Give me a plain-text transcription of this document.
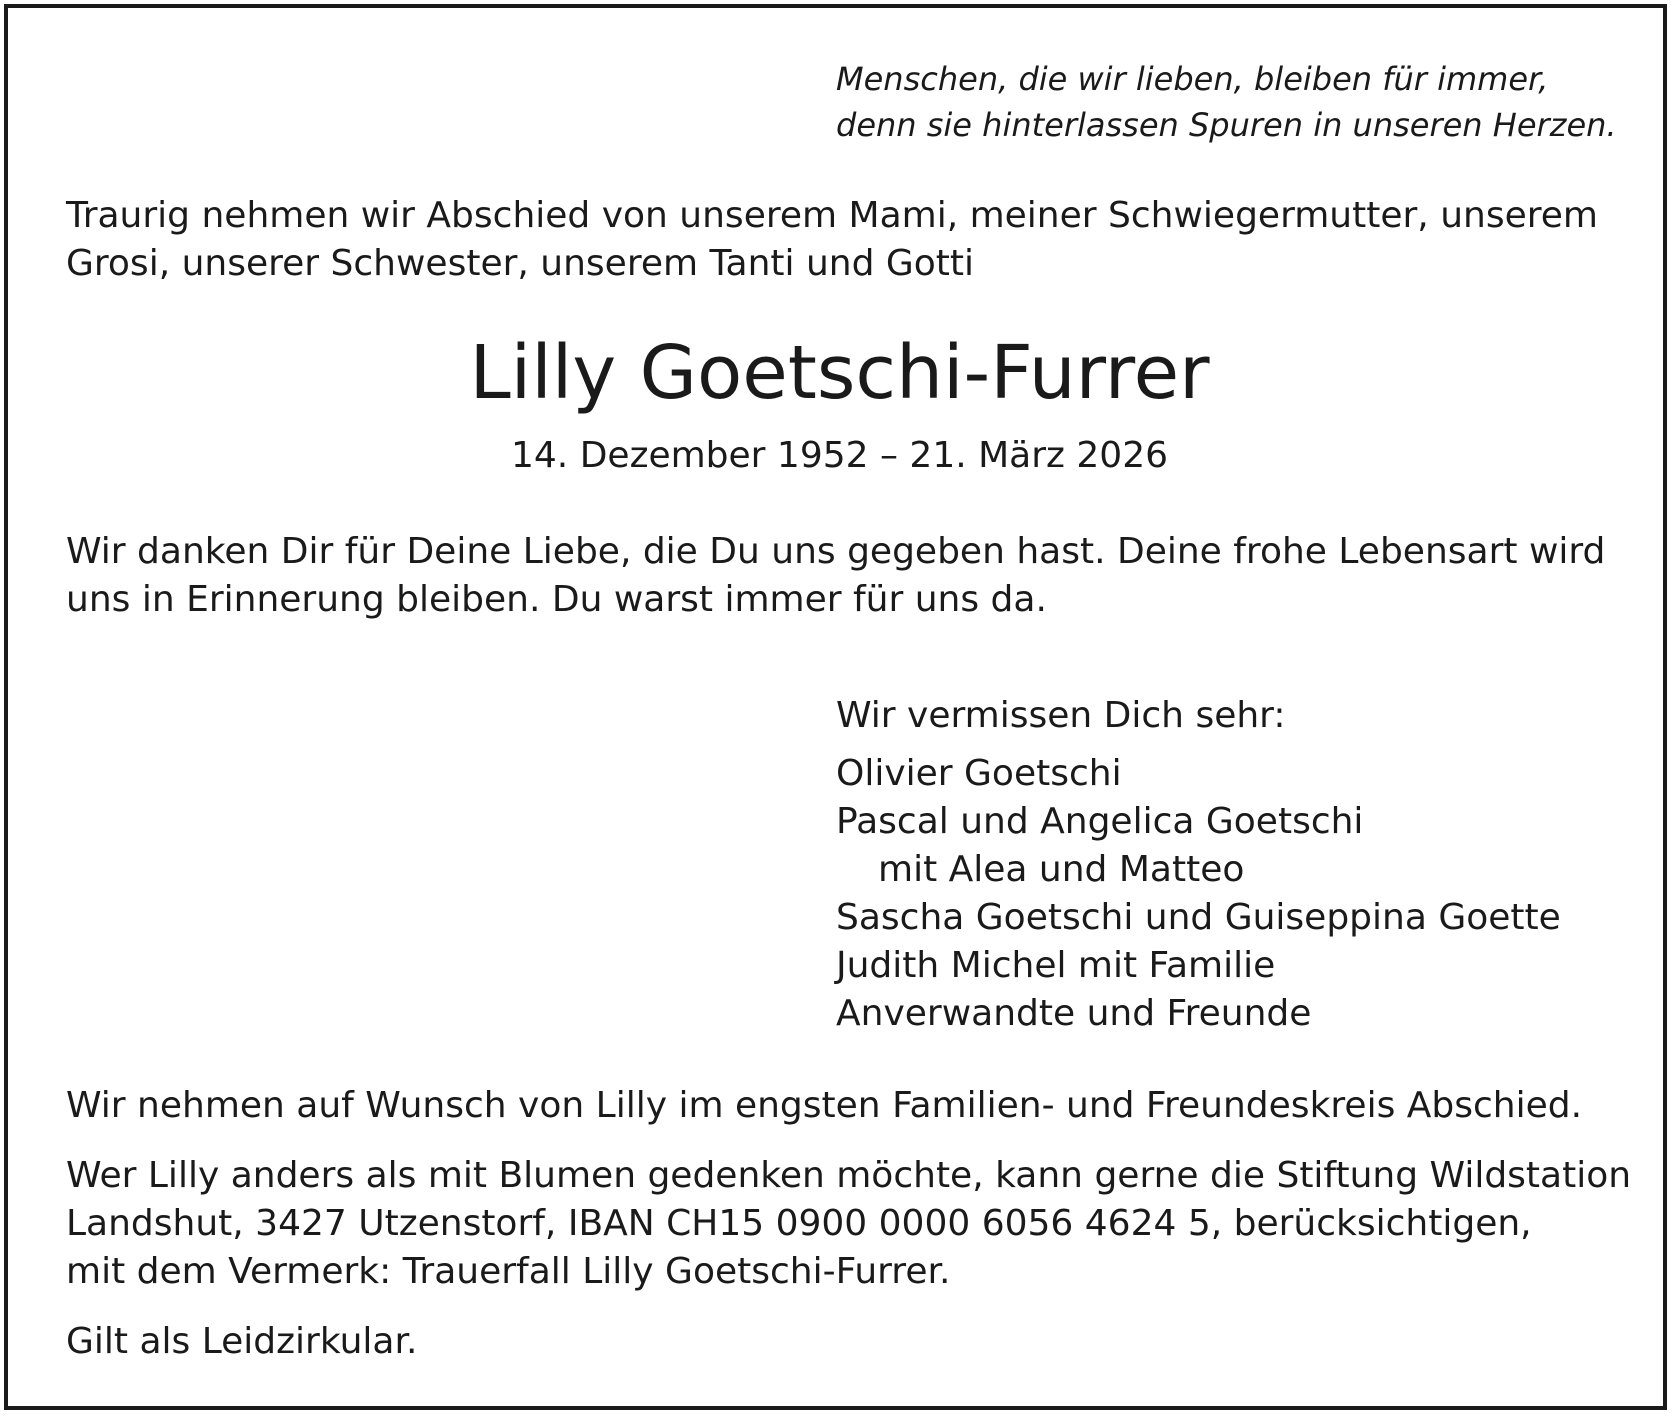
Menschen, die wir lieben, bleiben für immer,
denn sie hinterlassen Spuren in unseren Herzen.
Traurig nehmen wir Abschied von unserem Mami, meiner Schwiegermutter, unserem
Grosi, unserer Schwester, unserem Tanti und Gotti
Lilly Goetschi-Furrer
14. Dezember 1952 – 21. März 2026
Wir danken Dir für Deine Liebe, die Du uns gegeben hast. Deine frohe Lebensart wird
uns in Erinnerung bleiben. Du warst immer für uns da.
Wir vermissen Dich sehr:
Olivier Goetschi
Pascal und Angelica Goetschi
mit Alea und Matteo
Sascha Goetschi und Guiseppina Goette
Judith Michel mit Familie
Anverwandte und Freunde
Wir nehmen auf Wunsch von Lilly im engsten Familien- und Freundeskreis Abschied.
Wer Lilly anders als mit Blumen gedenken möchte, kann gerne die Stiftung Wildstation
Landshut, 3427 Utzenstorf, IBAN CH15 0900 0000 6056 4624 5, berücksichtigen,
mit dem Vermerk: Trauerfall Lilly Goetschi-Furrer.
Gilt als Leidzirkular.
